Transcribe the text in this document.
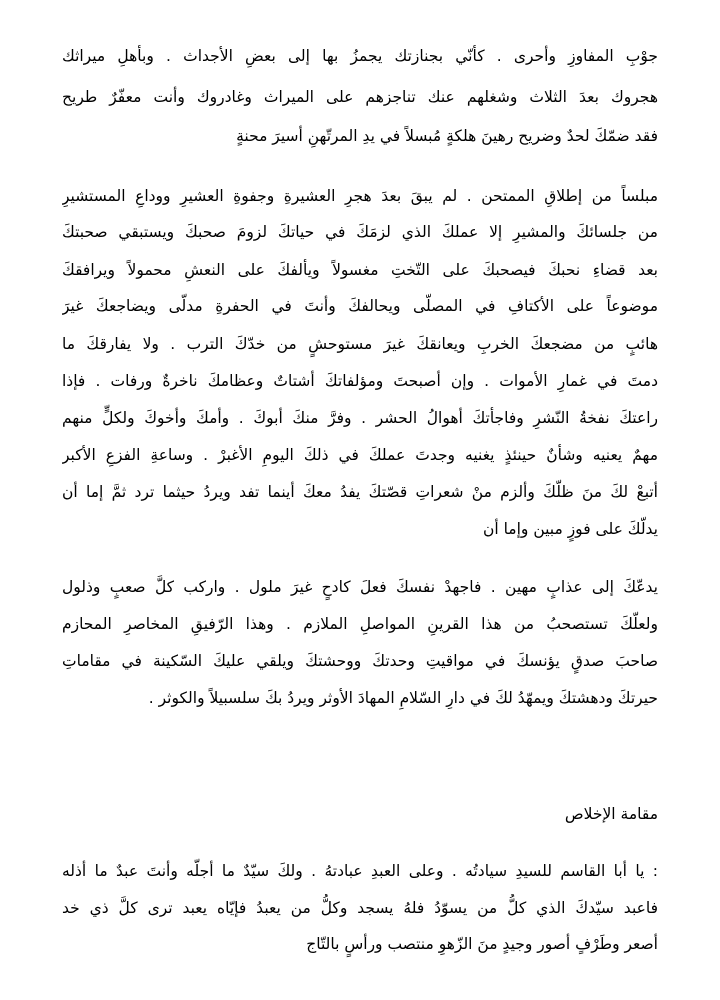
جوْبِ المفاوزِ وأحرى . كأنّي بجنازتك يجمزُ بها إلى بعضِ الأجداث . وبأهلِ ميراثك
هجروك بعدَ الثلاث وشغلهم عنك تناجزهم على الميراث وغادروك وأنت معفّرٌ طريح
فقد ضمّكَ لحدٌ وضريح رهينَ هلكةٍ مُبسلاً في يدِ المرتّهنِ أسيرَ محنةٍ
مبلساً من إطلاقِ الممتحن . لم يبقَ بعدَ هجرِ العشيرةِ وجفوةِ العشيرِ ووداعِ المستشيرِ
من جلسائكَ والمشيرِ إلا عملكَ الذي لزمَكَ في حياتكَ لزومَ صحبكَ ويستبقي صحبتكَ
بعد قضاءِ نحبكَ فيصحبكَ على التّختِ مغسولاً ويألفكَ على النعشِ محمولاً ويرافقكَ
موضوعاً على الأكتافِ في المصلّى ويحالفكَ وأنتَ في الحفرةِ مدلّى ويضاجعكَ غيرَ
هائبٍ من مضجعكَ الخربِ ويعانقكَ غيرَ مستوحشٍ من خدّكَ الترب . ولا يفارقكَ ما
دمتَ في غمارِ الأموات . وإن أصبحتَ ومؤلفاتكَ أشتاتٌ وعظامكَ ناخرةٌ ورفات . فإذا
راعتكَ نفخةُ النّشرِ وفاجأتكَ أهوالُ الحشر . وفرَّ منكَ أبوكَ . وأمكَ وأخوكَ ولكلٍّ منهم
مهمٌ يعنيه وشأنٌ حينئذٍ يغنيه وجدتَ عملكَ في ذلكَ اليومِ الأغبرْ . وساعةِ الفزعِ الأكبر
أتبعْ لكَ منَ ظلّكَ وألزم منْ شعراتِ قصّتكَ يفدُ معكَ أينما تفد ويردُ حيثما ترد ثمَّ إما أن
يدلّكَ على فوزٍ مبين وإما أن
يدعّكَ إلى عذابٍ مهين . فاجهدْ نفسكَ فعلَ كادحٍ غيرَ ملول . واركب كلَّ صعبٍ وذلول
ولعلّكَ تستصحبُ من هذا القرينِ المواصلِ الملازم . وهذا الرّفيقِ المخاصرِ المحازم
صاحبَ صدقٍ يؤنسكَ في مواقيتِ وحدتكَ ووحشتكَ ويلقي عليكَ السّكينة في مقاماتِ
حيرتكَ ودهشتكَ ويمهّدُ لكَ في دارِ السّلامِ المهادَ الأوثر ويردُ بكَ سلسبيلاً والكوثر .
مقامة الإخلاص
: يا أبا القاسم للسيدِ سيادتُه . وعلى العبدِ عبادتهُ . ولكَ سيّدٌ ما أجلّه وأنتَ عبدٌ ما أذله
فاعبد سيّدكَ الذي كلُّ من يسوّدُ فلهُ يسجد وكلُّ من يعبدُ فإيّاه يعبد ترى كلَّ ذي خد
أصعر وطَرْفٍ أصور وجيدٍ منَ الزّهوِ منتصب ورأسٍ بالتّاج
